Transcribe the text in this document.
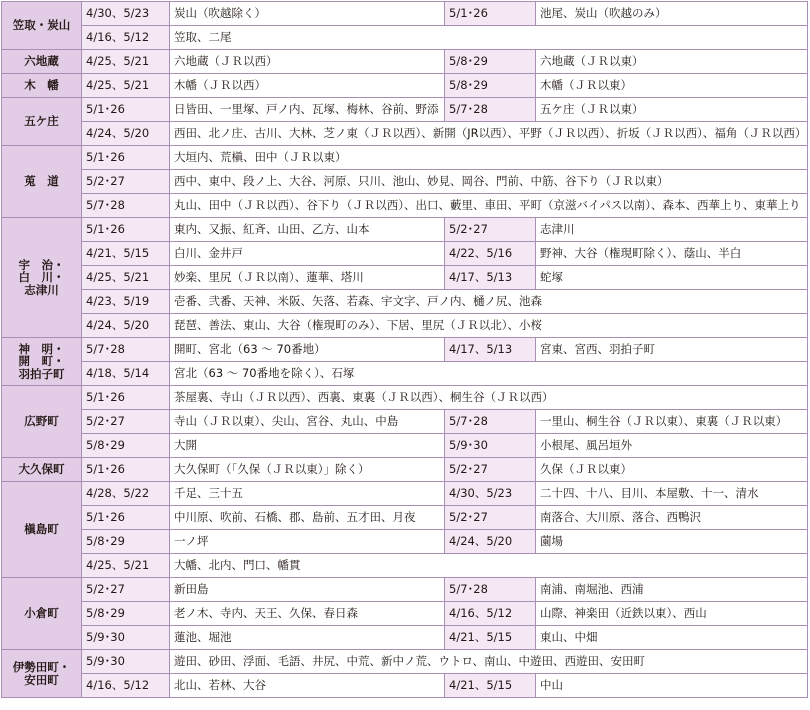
笠取・炭山	4/30、5/23	炭山（吹越除く）	5/1･26	池尾、炭山（吹越のみ）
	4/16、5/12	笠取、二尾		
六地蔵	4/25、5/21	六地蔵（ＪＲ以西）	5/8･29	六地蔵（ＪＲ以東）
木　幡	4/25、5/21	木幡（ＪＲ以西）	5/8･29	木幡（ＪＲ以東）
五ケ庄	5/1･26	日皆田、一里塚、戸ノ内、瓦塚、梅林、谷前、野添	5/7･28	五ケ庄（ＪＲ以東）
	4/24、5/20	西田、北ノ庄、古川、大林、芝ノ東（ＪＲ以西）、新開（JR以西）、平野（ＪＲ以西）、折坂（ＪＲ以西）、福角（ＪＲ以西）		
莵　道	5/1･26	大垣内、荒槇、田中（ＪＲ以東）		
	5/2･27	西中、東中、段ノ上、大谷、河原、只川、池山、妙見、岡谷、門前、中筋、谷下り（ＪＲ以東）		
	5/7･28	丸山、田中（ＪＲ以西）、谷下り（ＪＲ以西）、出口、藪里、車田、平町（京滋バイパス以南）、森本、西華上り、東華上り		
宇　治・
白　川・
志津川	5/1･26	東内、又振、紅斉、山田、乙方、山本	5/2･27	志津川
	4/21、5/15	白川、金井戸	4/22、5/16	野神、大谷（権現町除く）、蔭山、半白
	4/25、5/21	妙楽、里尻（ＪＲ以南）、蓮華、塔川	4/17、5/13	蛇塚
	4/23、5/19	壱番、弐番、天神、米阪、矢落、若森、宇文字、戸ノ内、樋ノ尻、池森		
	4/24、5/20	琵琶、善法、東山、大谷（権現町のみ）、下居、里尻（ＪＲ以北）、小桜		
神　明・
開　町・
羽拍子町	5/7･28	開町、宮北（63 〜 70番地）	4/17、5/13	宮東、宮西、羽拍子町
	4/18、5/14	宮北（63 〜 70番地を除く）、石塚		
広野町	5/1･26	茶屋裏、寺山（ＪＲ以西）、西裏、東裏（ＪＲ以西）、桐生谷（ＪＲ以西）		
	5/2･27	寺山（ＪＲ以東）、尖山、宮谷、丸山、中島	5/7･28	一里山、桐生谷（ＪＲ以東）、東裏（ＪＲ以東）
	5/8･29	大開	5/9･30	小根尾、風呂垣外
大久保町	5/1･26	大久保町（「久保（ＪＲ以東）」除く）	5/2･27	久保（ＪＲ以東）
槇島町	4/28、5/22	千足、三十五	4/30、5/23	二十四、十八、目川、本屋敷、十一、清水
	5/1･26	中川原、吹前、石橋、郡、島前、五才田、月夜	5/2･27	南落合、大川原、落合、西鴨沢
	5/8･29	一ノ坪	4/24、5/20	薗場
	4/25、5/21	大幡、北内、門口、幡貫		
小倉町	5/2･27	新田島	5/7･28	南浦、南堀池、西浦
	5/8･29	老ノ木、寺内、天王、久保、春日森	4/16、5/12	山際、神楽田（近鉄以東）、西山
	5/9･30	蓮池、堀池	4/21、5/15	東山、中畑
伊勢田町・
安田町	5/9･30	遊田、砂田、浮面、毛語、井尻、中荒、新中ノ荒、ウトロ、南山、中遊田、西遊田、安田町		
	4/16、5/12	北山、若林、大谷	4/21、5/15	中山
